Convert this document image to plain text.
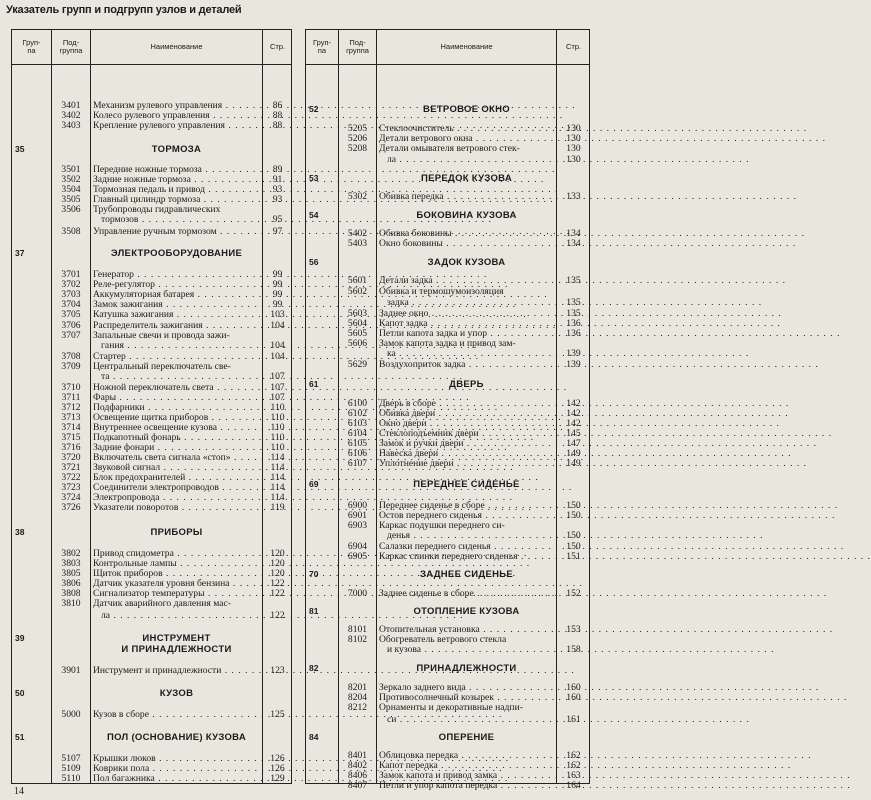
Указатель групп и подгрупп узлов и деталей
Груп-
па
Под-
группа	Наименование	Стр.
3401	Механизм рулевого управления . . .	86
3402	Колесо рулевого управления . . .	88
3403	Крепление рулевого управления . . .	88
35	ТОРМОЗА
3501	Передние ножные тормоза . . .	89
3502	Задние ножные тормоза . . .	91
3504	Тормозная педаль и привод . . .	93
3505	Главный цилиндр тормоза . . .	93
3506	Трубопроводы гидравлических
тормозов . . .	95
3508	Управление ручным тормозом . . .	97
37	ЭЛЕКТРООБОРУДОВАНИЕ
3701	Генератор . . .	99
3702	Реле-регулятор . . .	99
3703	Аккумуляторная батарея . . .	99
3704	Замок зажигания . . .	99
3705	Катушка зажигания . . .	103
3706	Распределитель зажигания . . .	104
3707	Запальные свечи и провода зажи-
гания . . .	104
3708	Стартер . . .	104
3709	Центральный переключатель све-
та . . .	107
3710	Ножной переключатель света . . .	107
3711	Фары . . .	107
3712	Подфарники . . .	110
3713	Освещение щитка приборов . . .	110
3714	Внутреннее освещение кузова . . .	110
3715	Подкапотный фонарь . . .	110
3716	Задние фонари . . .	110
3720	Включатель света сигнала «стоп» . . .	114
3721	Звуковой сигнал . . .	114
3722	Блок предохранителей . . .	114
3723	Соединители электропроводов . . .	114
3724	Электропровода . . .	114
3726	Указатели поворотов . . .	119
38	ПРИБОРЫ
3802	Привод спидометра . . .	120
3803	Контрольные лампы . . .	120
3805	Щиток приборов . . .	120
3806	Датчик указателя уровня бензина . . .	122
3808	Сигнализатор температуры . . .	122
3810	Датчик аварийного давления мас-
ла . . .	122
39	ИНСТРУМЕНТ
И ПРИНАДЛЕЖНОСТИ
3901	Инструмент и принадлежности . . .	123
50	КУЗОВ
5000	Кузов в сборе . . .	125
51	ПОЛ (ОСНОВАНИЕ) КУЗОВА
5107	Крышки люков . . .	126
5109	Коврики пола . . .	126
5110	Пол багажника . . .	129
Груп-
па
Под-
группа	Наименование	Стр.
52	ВЕТРОВОЕ ОКНО
5205	Стеклоочиститель . . .	130
5206	Детали ветрового окна . . .	130
5208	Детали омывателя ветрового стек-	130
ла . . .	130
53	ПЕРЕДОК КУЗОВА
5302	Обивка передка . . .	133
54	БОКОВИНА КУЗОВА
5402	Обивка боковины . . .	134
5403	Окно боковины . . .	134
56	ЗАДОК КУЗОВА
5601	Детали задка . . .	135
5602	Обивка и термошумоизоляция
задка . . .	135
5603	Заднее окно . . .	135
5604	Капот задка . . .	136
5605	Петли капота задка и упор . . .	136
5606	Замок капота задка и привод зам-
ка . . .	139
5629	Воздухоприток задка . . .	139
61	ДВЕРЬ
6100	Дверь в сборе . . .	142
6102	Обивка двери . . .	142
6103	Окно двери . . .	142
6104	Стеклоподъемник двери . . .	145
6105	Замок и ручки двери . . .	147
6106	Навеска двери . . .	149
6107	Уплотнение двери . . .	149
69	ПЕРЕДНЕЕ СИДЕНЬЕ
6900	Переднее сиденье в сборе . . .	150
6901	Остов переднего сиденья . . .	150
6903	Каркас подушки переднего си-
денья . . .	150
6904	Салазки переднего сиденья . . .	150
6905	Каркас спинки переднего сиденья . . .	151
70	ЗАДНЕЕ СИДЕНЬЕ
7000	Заднее сиденье в сборе . . .	152
81	ОТОПЛЕНИЕ КУЗОВА
8101	Отопительная установка . . .	153
8102	Обогреватель ветрового стекла
и кузова . . .	158
82	ПРИНАДЛЕЖНОСТИ
8201	Зеркало заднего вида . . .	160
8204	Противосолнечный козырек . . .	160
8212	Орнаменты и декоративные надпи-
си . . .	161
84	ОПЕРЕНИЕ
8401	Облицовка передка . . .	162
8402	Капот передка . . .	162
8406	Замок капота и привод замка . . .	163
8407	Петли и упор капота передка . . .	164
14
